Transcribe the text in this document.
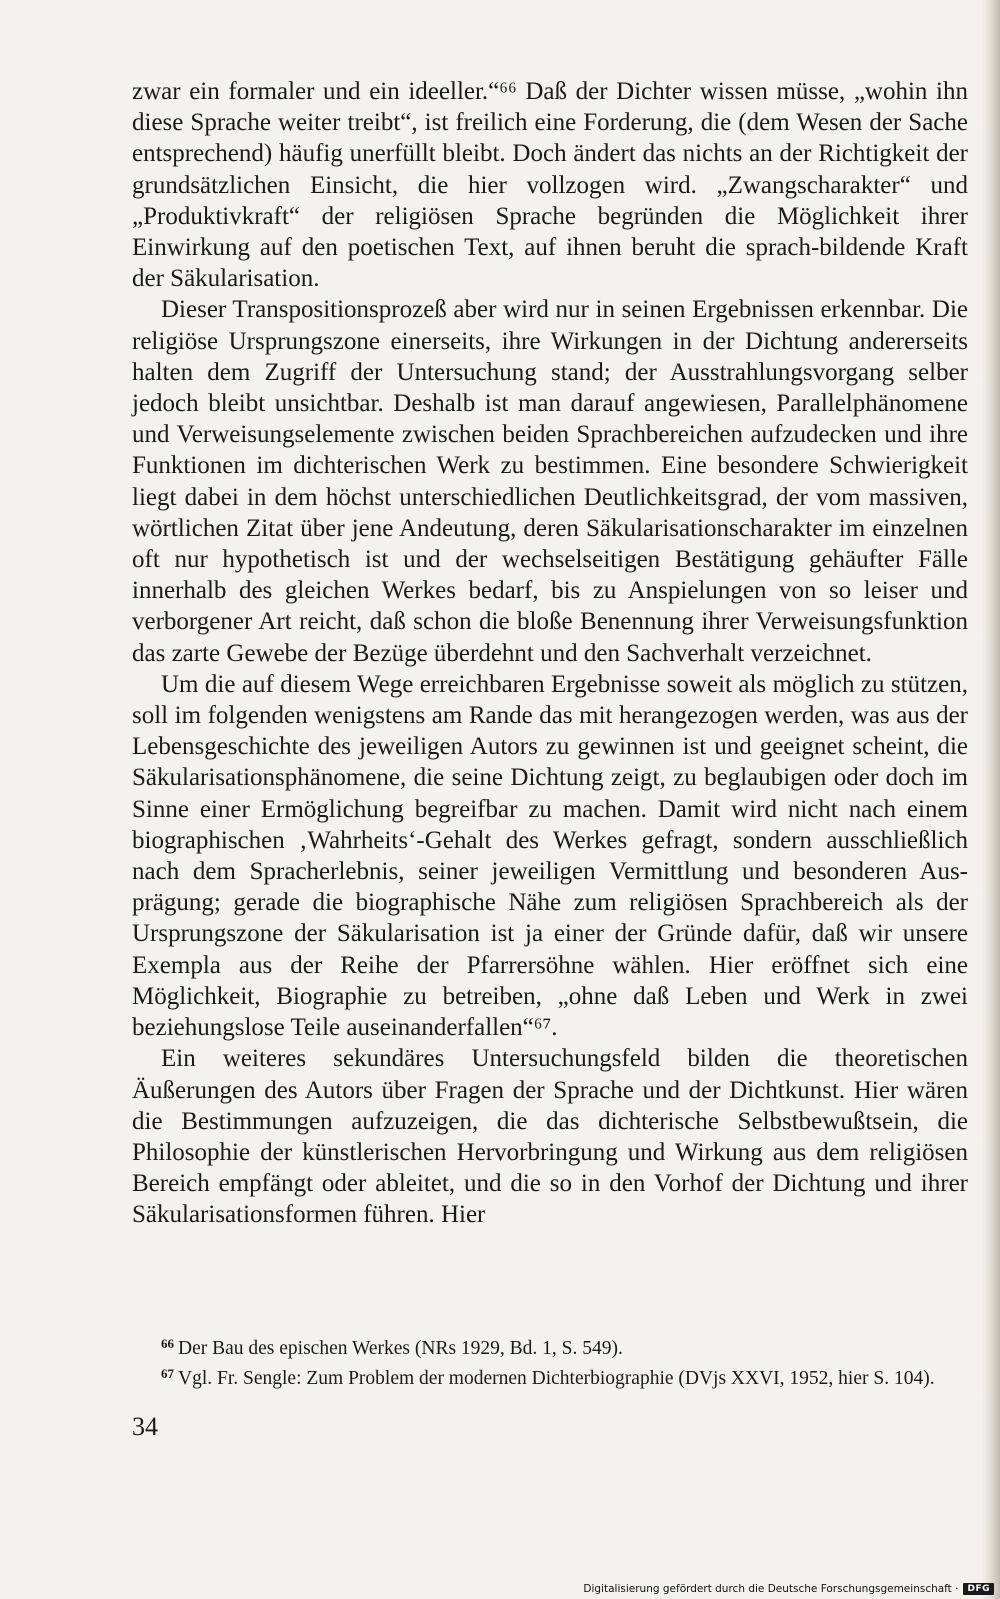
zwar ein formaler und ein ideeller.“⁶⁶ Daß der Dichter wissen müsse, „wohin ihn diese Sprache weiter treibt“, ist freilich eine Forderung, die (dem Wesen der Sache entsprechend) häufig unerfüllt bleibt. Doch ändert das nichts an der Richtigkeit der grundsätzlichen Einsicht, die hier vollzogen wird. „Zwangscharakter“ und „Produktivkraft“ der religiösen Sprache begründen die Möglichkeit ihrer Einwirkung auf den poetischen Text, auf ihnen beruht die sprach-bildende Kraft der Säkularisation.

Dieser Transpositionsprozeß aber wird nur in seinen Ergebnissen erkennbar. Die religiöse Ursprungszone einerseits, ihre Wirkungen in der Dichtung andererseits halten dem Zugriff der Untersuchung stand; der Ausstrahlungsvorgang selber jedoch bleibt unsichtbar. Deshalb ist man darauf angewiesen, Parallelphänomene und Verweisungselemente zwischen beiden Sprachbereichen aufzudecken und ihre Funktionen im dichterischen Werk zu bestimmen. Eine besondere Schwierigkeit liegt dabei in dem höchst unterschiedlichen Deutlichkeitsgrad, der vom massiven, wörtlichen Zitat über jene Andeutung, deren Säkularisationscharakter im einzelnen oft nur hypothetisch ist und der wechselseitigen Bestätigung gehäufter Fälle innerhalb des gleichen Werkes bedarf, bis zu Anspielungen von so leiser und verborgener Art reicht, daß schon die bloße Benennung ihrer Verweisungsfunktion das zarte Gewebe der Bezüge überdehnt und den Sachverhalt verzeichnet.

Um die auf diesem Wege erreichbaren Ergebnisse soweit als möglich zu stützen, soll im folgenden wenigstens am Rande das mit herangezogen werden, was aus der Lebensgeschichte des jeweiligen Autors zu gewinnen ist und geeignet scheint, die Säkularisationsphänomene, die seine Dichtung zeigt, zu beglaubigen oder doch im Sinne einer Ermöglichung begreifbar zu machen. Damit wird nicht nach einem biographischen ‚Wahrheits‘-Gehalt des Werkes gefragt, sondern ausschließlich nach dem Spracherlebnis, seiner jeweiligen Vermittlung und besonderen Ausprägung; gerade die biographische Nähe zum religiösen Sprachbereich als der Ursprungszone der Säkularisation ist ja einer der Gründe dafür, daß wir unsere Exempla aus der Reihe der Pfarrersöhne wählen. Hier eröffnet sich eine Möglichkeit, Biographie zu betreiben, „ohne daß Leben und Werk in zwei beziehungslose Teile auseinanderfallen“⁶⁷.

Ein weiteres sekundäres Untersuchungsfeld bilden die theoretischen Äußerungen des Autors über Fragen der Sprache und der Dichtkunst. Hier wären die Bestimmungen aufzuzeigen, die das dichterische Selbstbewußtsein, die Philosophie der künstlerischen Hervorbringung und Wirkung aus dem religiösen Bereich empfängt oder ableitet, und die so in den Vorhof der Dichtung und ihrer Säkularisationsformen führen. Hier

$^{66}$ Der Bau des epischen Werkes (NRs 1929, Bd. 1, S. 549).

$^{67}$ Vgl. Fr. Sengle: Zum Problem der modernen Dichterbiographie (DVjs XXVI, 1952, hier S. 104).

34
Digitalisierung gefördert durch die Deutsche Forschungsgemeinschaft ·	DFG
